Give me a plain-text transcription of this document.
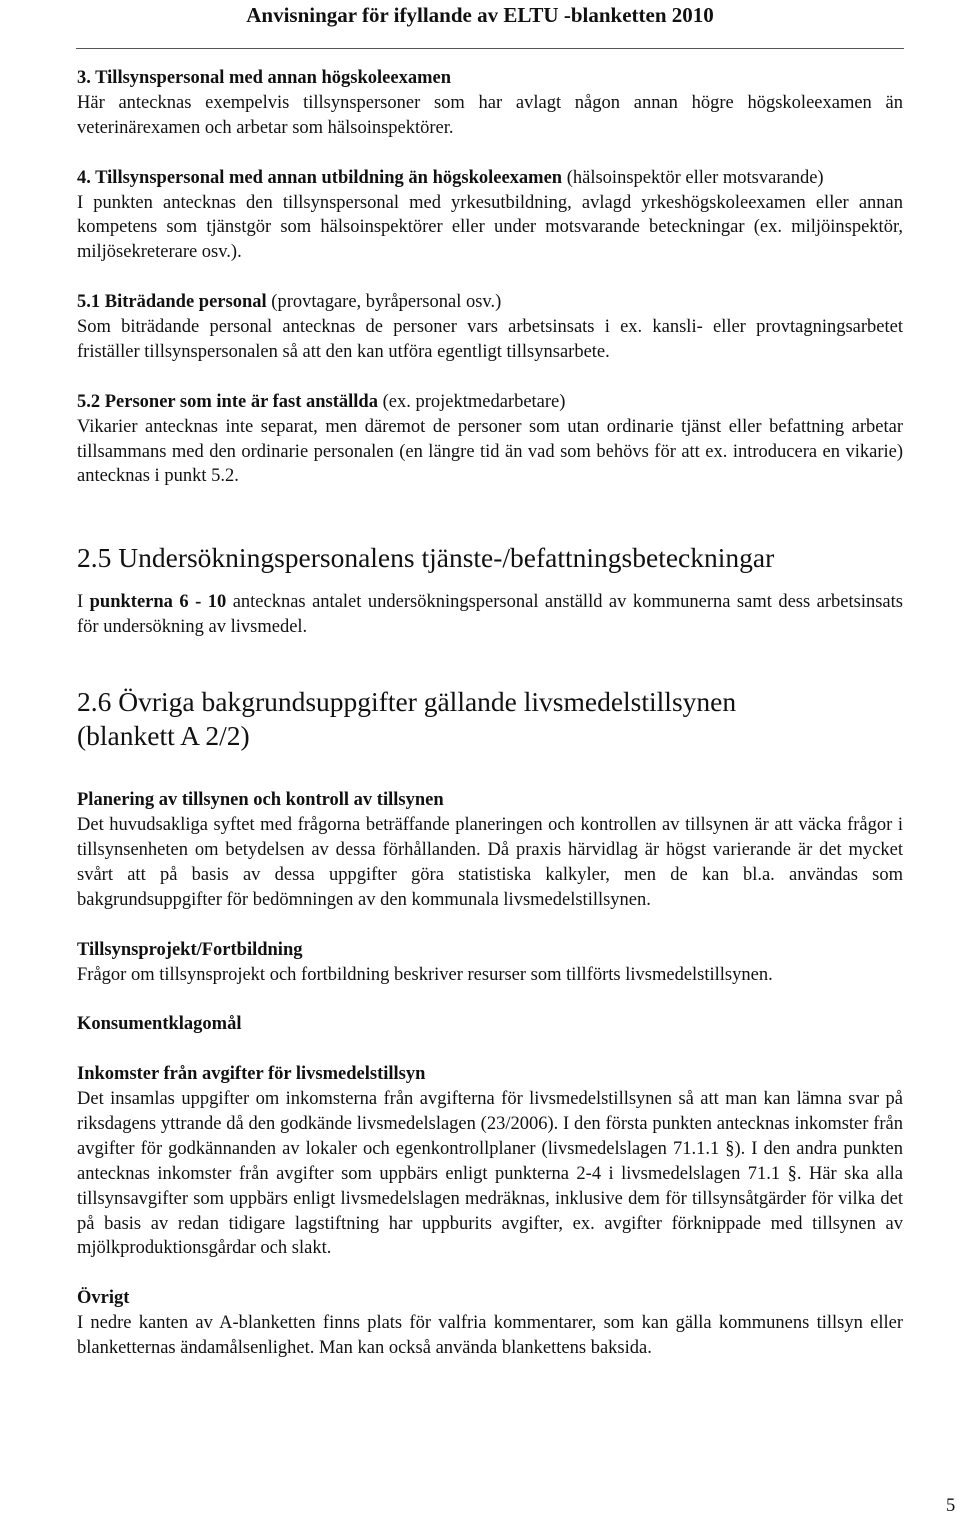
Anvisningar för ifyllande av ELTU -blanketten 2010

3. Tillsynspersonal med annan högskoleexamen

Här antecknas exempelvis tillsynspersoner som har avlagt någon annan högre högskoleexamen än veterinärexamen och arbetar som hälsoinspektörer.

4. Tillsynspersonal med annan utbildning än högskoleexamen (hälsoinspektör eller motsvarande)

I punkten antecknas den tillsynspersonal med yrkesutbildning, avlagd yrkeshögskoleexamen eller annan kompetens som tjänstgör som hälsoinspektörer eller under motsvarande beteckningar (ex. miljöinspektör, miljösekreterare osv.).

5.1 Biträdande personal (provtagare, byråpersonal osv.)

Som biträdande personal antecknas de personer vars arbetsinsats i ex. kansli- eller provtagningsarbetet friställer tillsynspersonalen så att den kan utföra egentligt tillsynsarbete.

5.2 Personer som inte är fast anställda (ex. projektmedarbetare)

Vikarier antecknas inte separat, men däremot de personer som utan ordinarie tjänst eller befattning arbetar tillsammans med den ordinarie personalen (en längre tid än vad som behövs för att ex. introducera en vikarie) antecknas i punkt 5.2.

2.5 Undersökningspersonalens tjänste-/befattningsbeteckningar

I punkterna 6 - 10 antecknas antalet undersökningspersonal anställd av kommunerna samt dess arbetsinsats för undersökning av livsmedel.

2.6 Övriga bakgrundsuppgifter gällande livsmedelstillsynen
(blankett A 2/2)

Planering av tillsynen och kontroll av tillsynen

Det huvudsakliga syftet med frågorna beträffande planeringen och kontrollen av tillsynen är att väcka frågor i tillsynsenheten om betydelsen av dessa förhållanden. Då praxis härvidlag är högst varierande är det mycket svårt att på basis av dessa uppgifter göra statistiska kalkyler, men de kan bl.a. användas som bakgrundsuppgifter för bedömningen av den kommunala livsmedelstillsynen.

Tillsynsprojekt/Fortbildning

Frågor om tillsynsprojekt och fortbildning beskriver resurser som tillförts livsmedelstillsynen.

Konsumentklagomål

Inkomster från avgifter för livsmedelstillsyn

Det insamlas uppgifter om inkomsterna från avgifterna för livsmedelstillsynen så att man kan lämna svar på riksdagens yttrande då den godkände livsmedelslagen (23/2006). I den första punkten antecknas inkomster från avgifter för godkännanden av lokaler och egenkontrollplaner (livsmedelslagen 71.1.1 §). I den andra punkten antecknas inkomster från avgifter som uppbärs enligt punkterna 2-4 i livsmedelslagen 71.1 §. Här ska alla tillsynsavgifter som uppbärs enligt livsmedelslagen medräknas, inklusive dem för tillsynsåtgärder för vilka det på basis av redan tidigare lagstiftning har uppburits avgifter, ex. avgifter förknippade med tillsynen av mjölkproduktionsgårdar och slakt.

Övrigt

I nedre kanten av A-blanketten finns plats för valfria kommentarer, som kan gälla kommunens tillsyn eller blanketternas ändamålsenlighet. Man kan också använda blankettens baksida.

5
